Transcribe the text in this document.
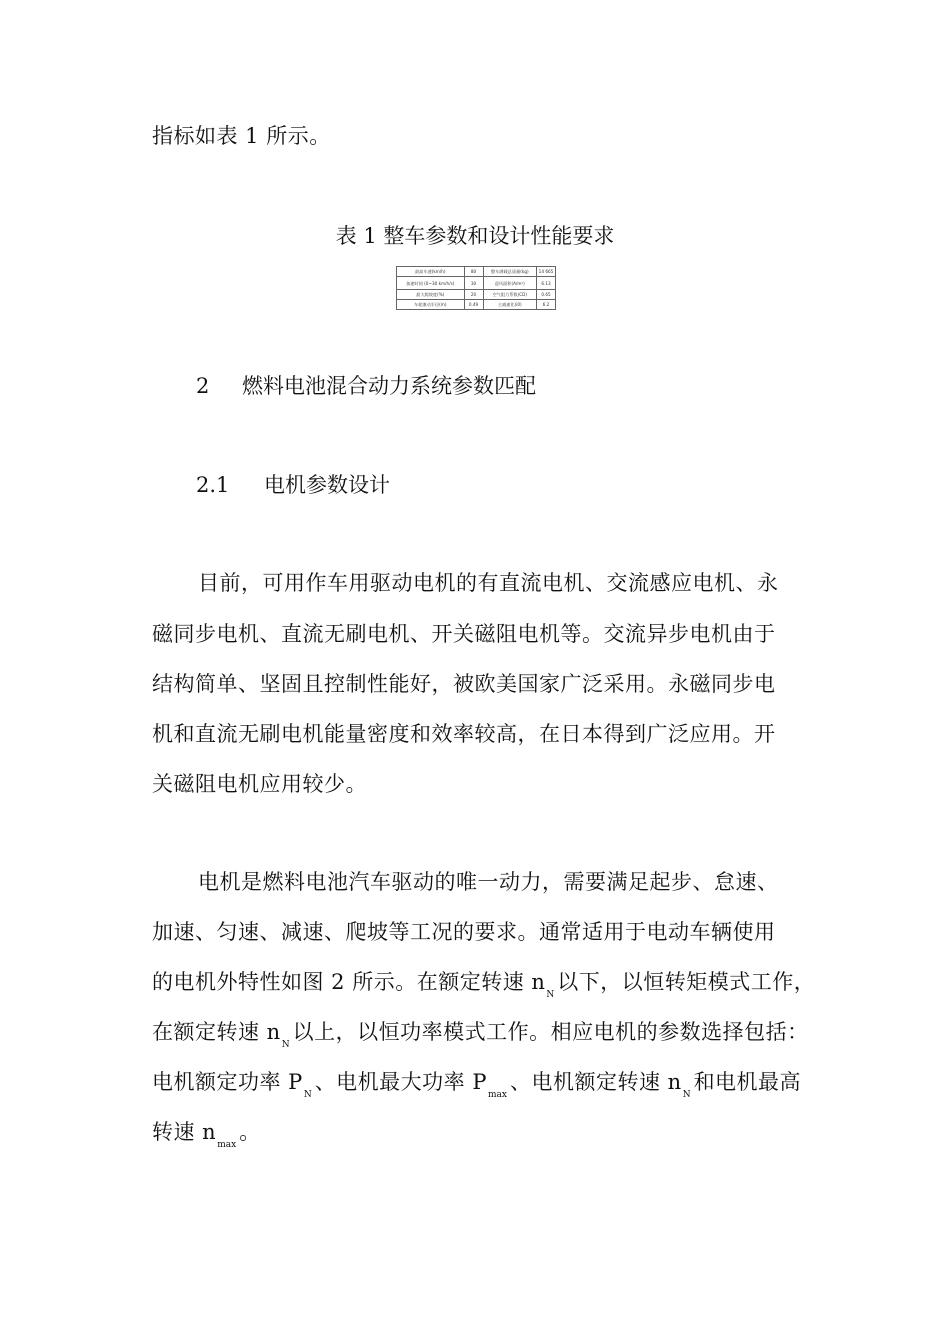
指标如表 1 所示。
表 1 整车参数和设计性能要求
最高车速(km/h)	80	整车满载总质量(kg)	14 665
加速时间 (0~30 km/h/s)	30	迎风面积(A/m²)	6.13
最大爬坡度(%)	20	空气阻力系数(CD)	0.65
车轮滚动半径(m)	0.49	主减速比(i0)	6.2
2 燃料电池混合动力系统参数匹配
2.1 电机参数设计
目前，可用作车用驱动电机的有直流电机、交流感应电机、永
磁同步电机、直流无刷电机、开关磁阻电机等。交流异步电机由于
结构简单、坚固且控制性能好，被欧美国家广泛采用。永磁同步电
机和直流无刷电机能量密度和效率较高，在日本得到广泛应用。开
关磁阻电机应用较少。
电机是燃料电池汽车驱动的唯一动力，需要满足起步、怠速、
加速、匀速、减速、爬坡等工况的要求。通常适用于电动车辆使用
的电机外特性如图 2 所示。在额定转速 $n_N$以下，以恒转矩模式工作，
在额定转速 $n_N$以上，以恒功率模式工作。相应电机的参数选择包括：
电机额定功率 $P_N$、电机最大功率 $P_{max}$、电机额定转速 $n_N$和电机最高
转速 $n_{max}$。
